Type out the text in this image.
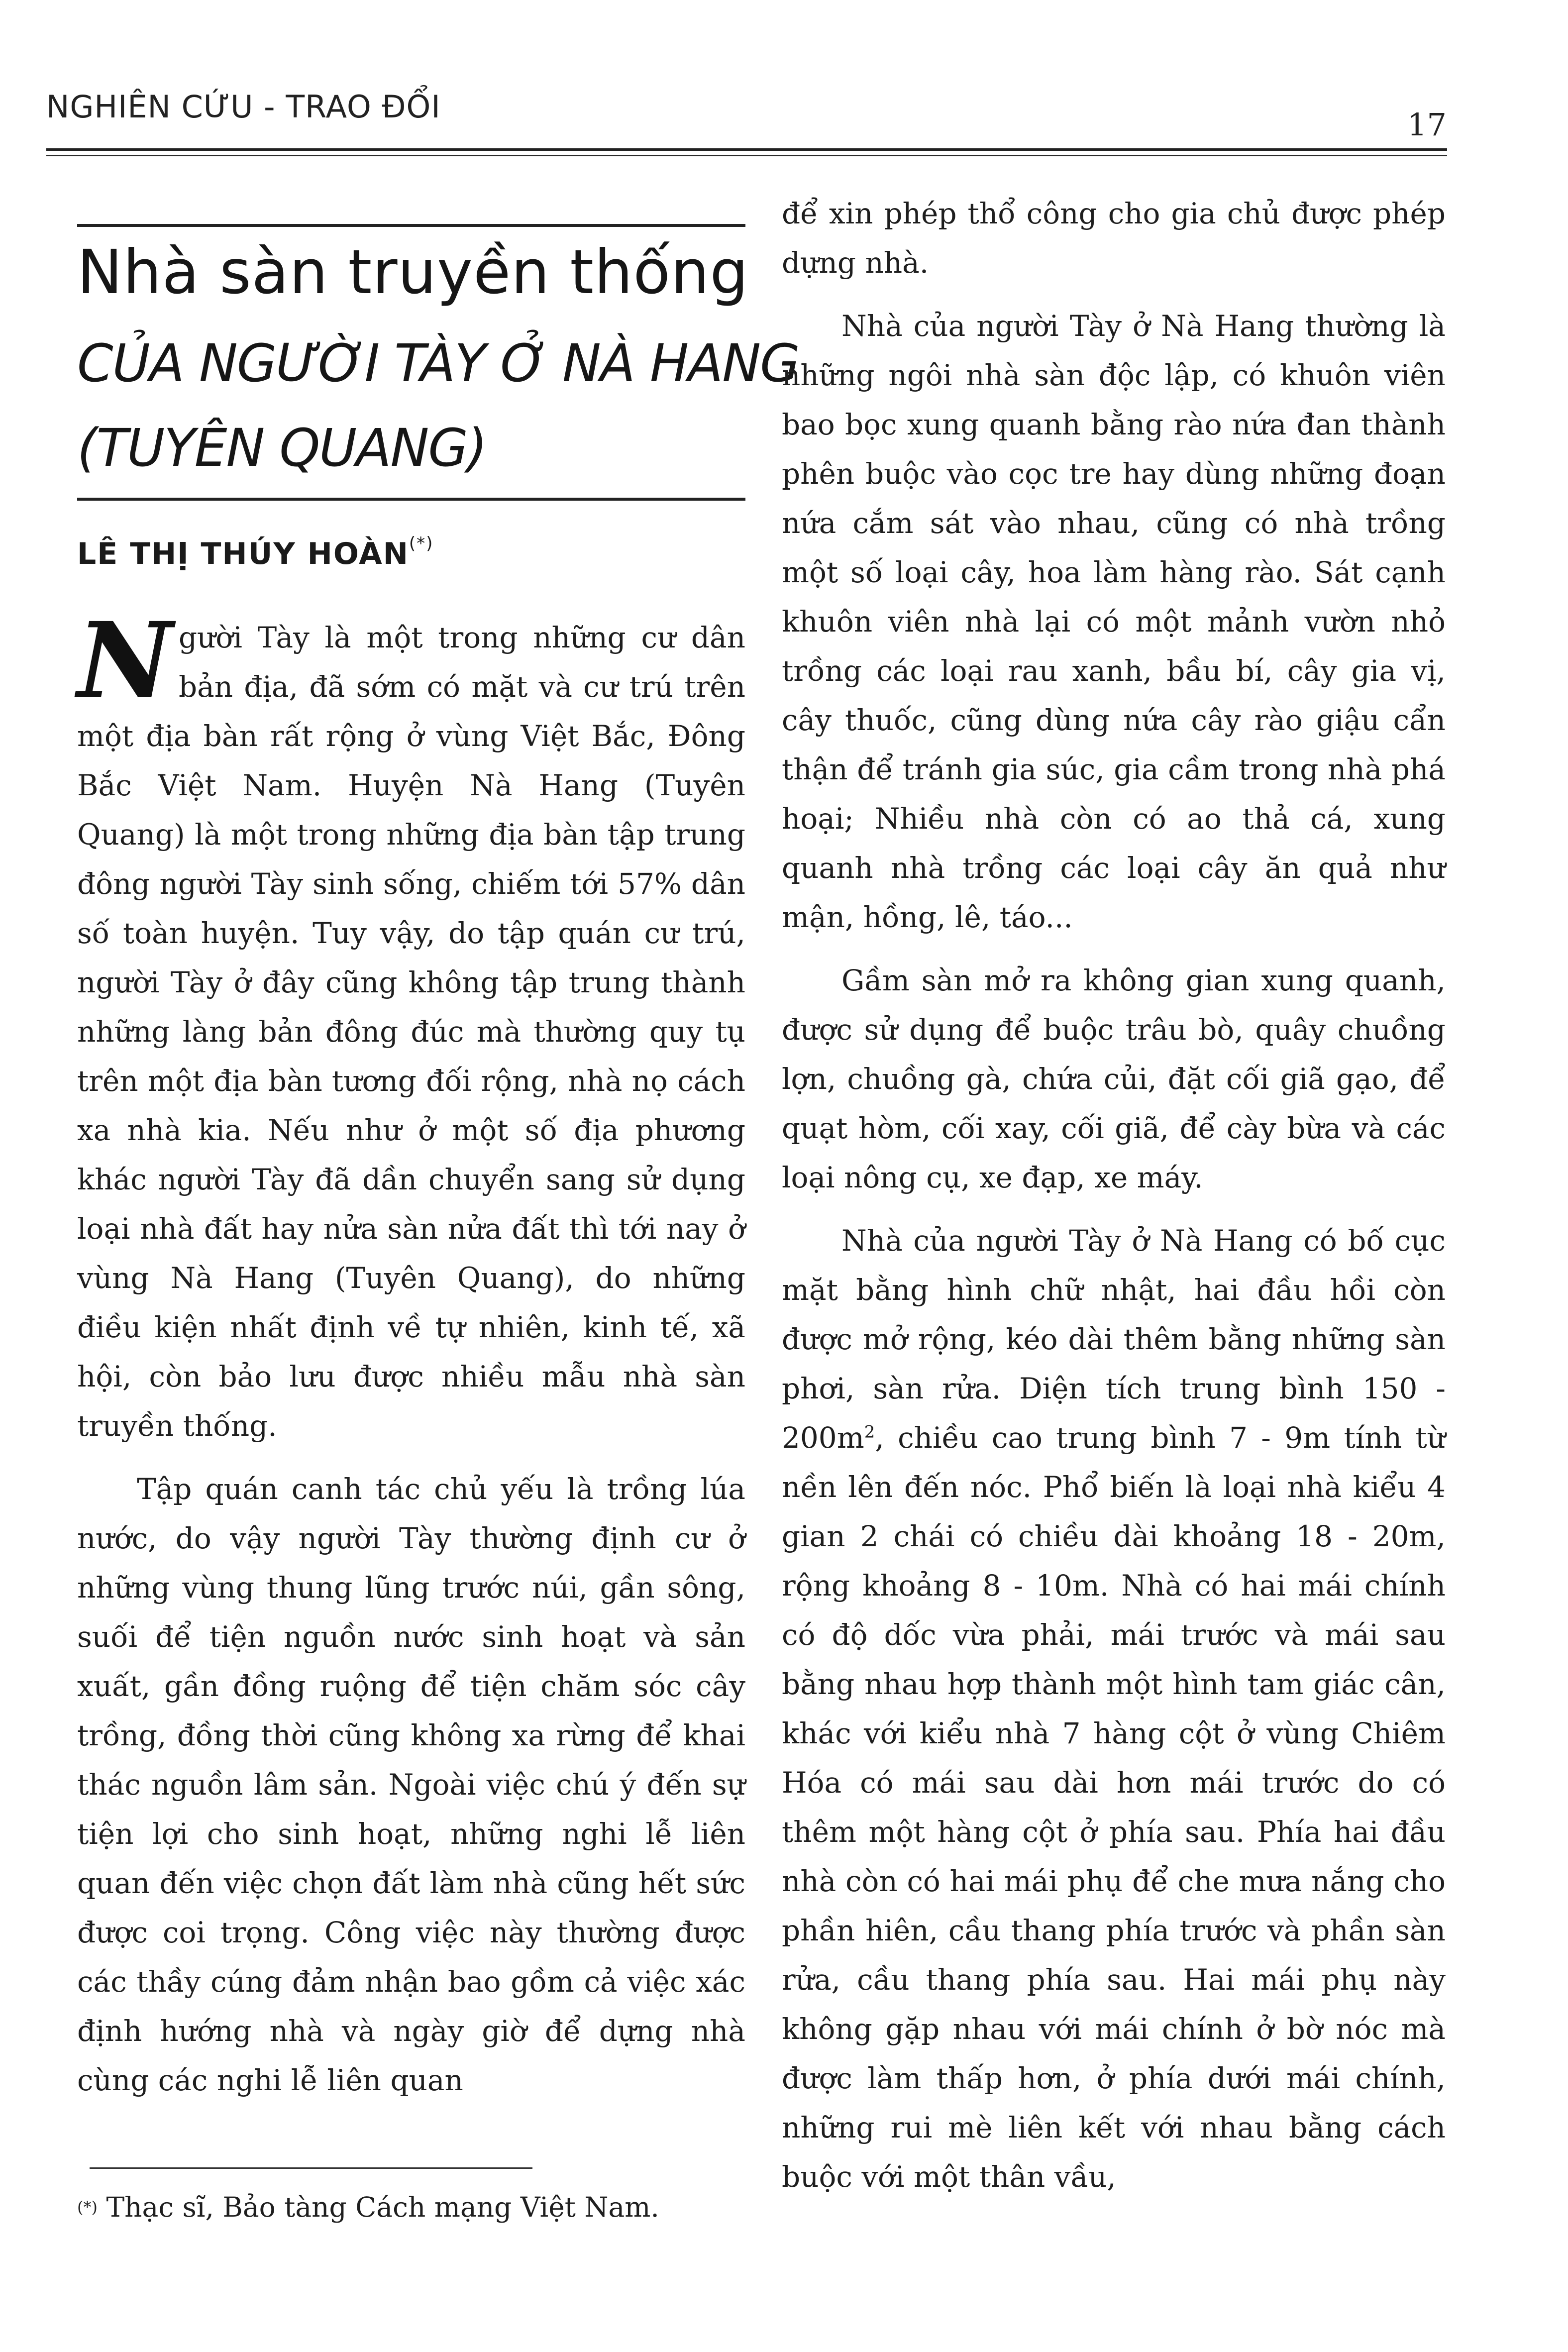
NGHIÊN CỨU - TRAO ĐỔI	17
Nhà sàn truyền thống
CỦA NGƯỜI TÀY Ở NÀ HANG
(TUYÊN QUANG)
LÊ THỊ THÚY HOÀN(*)

Người Tày là một trong những cư dân bản địa, đã sớm có mặt và cư trú trên một địa bàn rất rộng ở vùng Việt Bắc, Đông Bắc Việt Nam. Huyện Nà Hang (Tuyên Quang) là một trong những địa bàn tập trung đông người Tày sinh sống, chiếm tới 57% dân số toàn huyện. Tuy vậy, do tập quán cư trú, người Tày ở đây cũng không tập trung thành những làng bản đông đúc mà thường quy tụ trên một địa bàn tương đối rộng, nhà nọ cách xa nhà kia. Nếu như ở một số địa phương khác người Tày đã dần chuyển sang sử dụng loại nhà đất hay nửa sàn nửa đất thì tới nay ở vùng Nà Hang (Tuyên Quang), do những điều kiện nhất định về tự nhiên, kinh tế, xã hội, còn bảo lưu được nhiều mẫu nhà sàn truyền thống.

Tập quán canh tác chủ yếu là trồng lúa nước, do vậy người Tày thường định cư ở những vùng thung lũng trước núi, gần sông, suối để tiện nguồn nước sinh hoạt và sản xuất, gần đồng ruộng để tiện chăm sóc cây trồng, đồng thời cũng không xa rừng để khai thác nguồn lâm sản. Ngoài việc chú ý đến sự tiện lợi cho sinh hoạt, những nghi lễ liên quan đến việc chọn đất làm nhà cũng hết sức được coi trọng. Công việc này thường được các thầy cúng đảm nhận bao gồm cả việc xác định hướng nhà và ngày giờ để dựng nhà cùng các nghi lễ liên quan

để xin phép thổ công cho gia chủ được phép dựng nhà.

Nhà của người Tày ở Nà Hang thường là những ngôi nhà sàn độc lập, có khuôn viên bao bọc xung quanh bằng rào nứa đan thành phên buộc vào cọc tre hay dùng những đoạn nứa cắm sát vào nhau, cũng có nhà trồng một số loại cây, hoa làm hàng rào. Sát cạnh khuôn viên nhà lại có một mảnh vườn nhỏ trồng các loại rau xanh, bầu bí, cây gia vị, cây thuốc, cũng dùng nứa cây rào giậu cẩn thận để tránh gia súc, gia cầm trong nhà phá hoại; Nhiều nhà còn có ao thả cá, xung quanh nhà trồng các loại cây ăn quả như mận, hồng, lê, táo...

Gầm sàn mở ra không gian xung quanh, được sử dụng để buộc trâu bò, quây chuồng lợn, chuồng gà, chứa củi, đặt cối giã gạo, để quạt hòm, cối xay, cối giã, để cày bừa và các loại nông cụ, xe đạp, xe máy.

Nhà của người Tày ở Nà Hang có bố cục mặt bằng hình chữ nhật, hai đầu hồi còn được mở rộng, kéo dài thêm bằng những sàn phơi, sàn rửa. Diện tích trung bình $150 - 200m^2$, chiều cao trung bình 7 - 9m tính từ nền lên đến nóc. Phổ biến là loại nhà kiểu 4 gian 2 chái có chiều dài khoảng 18 - 20m, rộng khoảng 8 - 10m. Nhà có hai mái chính có độ dốc vừa phải, mái trước và mái sau bằng nhau hợp thành một hình tam giác cân, khác với kiểu nhà 7 hàng cột ở vùng Chiêm Hóa có mái sau dài hơn mái trước do có thêm một hàng cột ở phía sau. Phía hai đầu nhà còn có hai mái phụ để che mưa nắng cho phần hiên, cầu thang phía trước và phần sàn rửa, cầu thang phía sau. Hai mái phụ này không gặp nhau với mái chính ở bờ nóc mà được làm thấp hơn, ở phía dưới mái chính, những rui mè liên kết với nhau bằng cách buộc với một thân vầu,

(*) Thạc sĩ, Bảo tàng Cách mạng Việt Nam.
